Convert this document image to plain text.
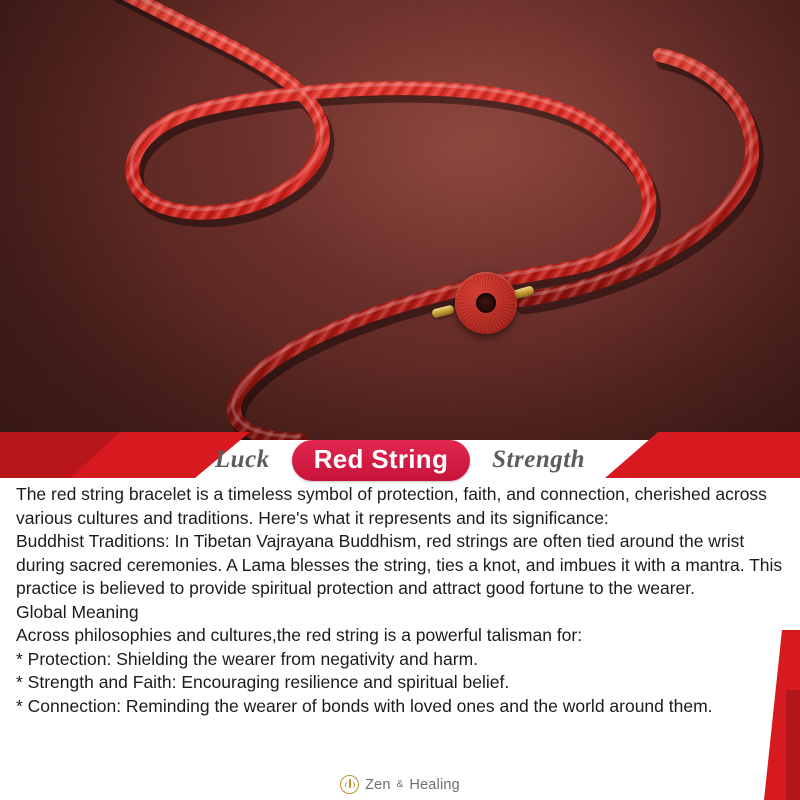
Luck	Red String	Strength

The red string bracelet is a timeless symbol of protection, faith, and connection, cherished across various cultures and traditions. Here's what it represents and its significance:

Buddhist Traditions: In Tibetan Vajrayana Buddhism, red strings are often tied around the wrist during sacred ceremonies. A Lama blesses the string, ties a knot, and imbues it with a mantra. This practice is believed to provide spiritual protection and attract good fortune to the wearer.

Global Meaning

Across philosophies and cultures,the red string is a powerful talisman for:

* Protection: Shielding the wearer from negativity and harm.

* Strength and Faith: Encouraging resilience and spiritual belief.

* Connection: Reminding the wearer of bonds with loved ones and the world around them.

Zen & Healing
